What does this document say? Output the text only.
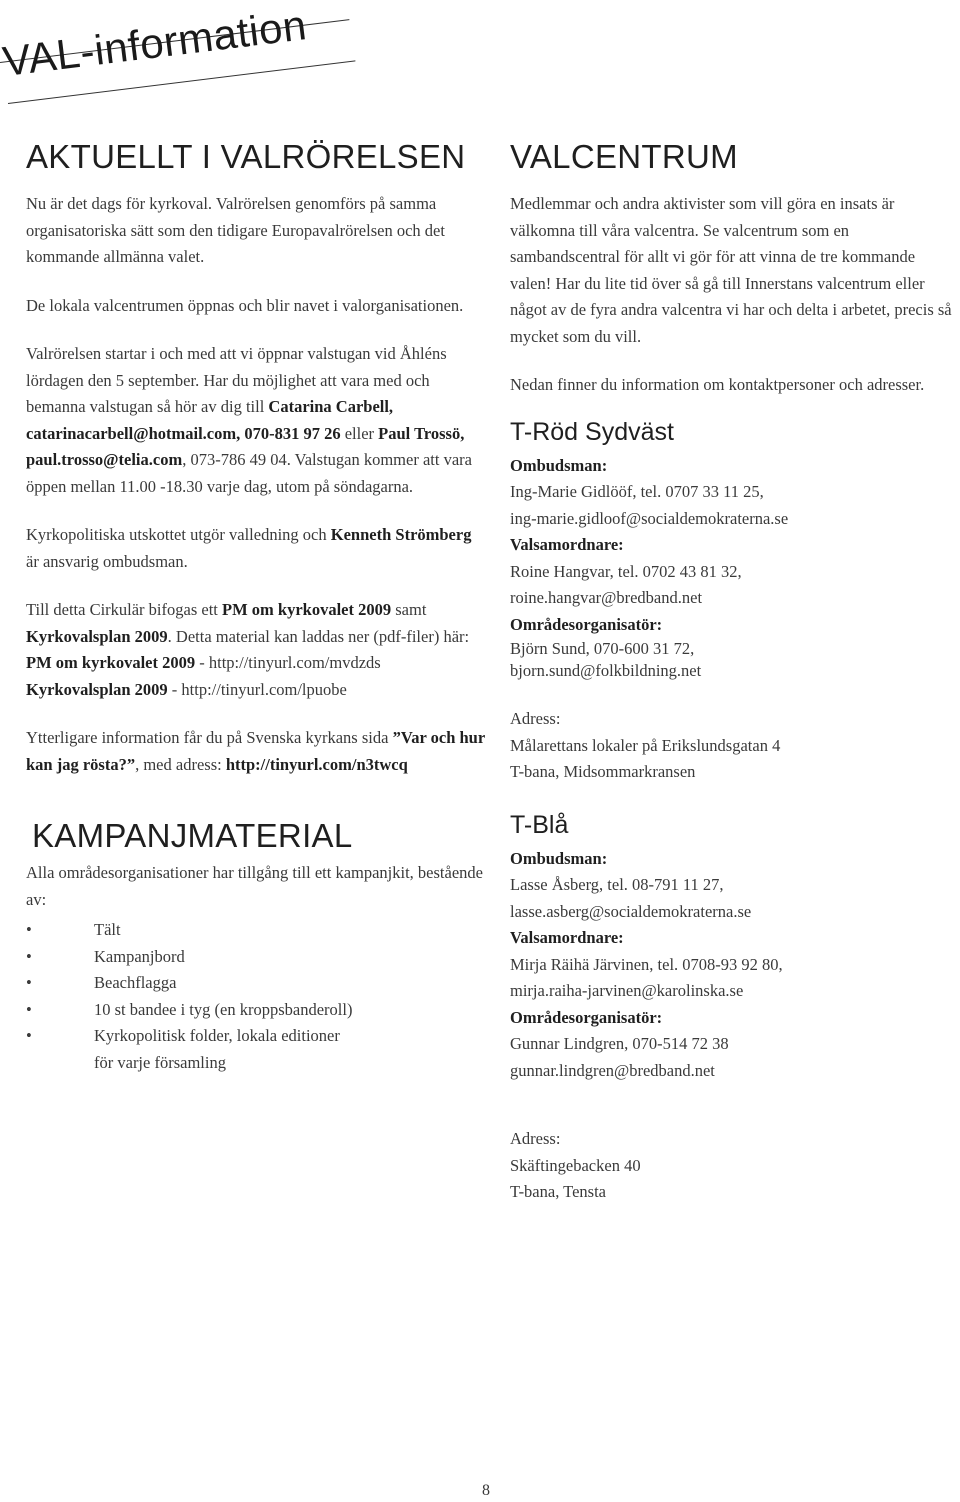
VAL-information
AKTUELLT I VALRÖRELSEN

Nu är det dags för kyrkoval. Valrörelsen genomförs på samma organisatoriska sätt som den tidigare Europavalrörelsen och det kommande allmänna valet.

De lokala valcentrumen öppnas och blir navet i valorganisationen.

Valrörelsen startar i och med att vi öppnar valstugan vid Åhléns lördagen den 5 september. Har du möjlighet att vara med och bemanna valstugan så hör av dig till Catarina Carbell, catarinacarbell@hotmail.com, 070-831 97 26 eller Paul Trossö, paul.trosso@telia.com, 073-786 49 04. Valstugan kommer att vara öppen mellan 11.00 -18.30 varje dag, utom på söndagarna.

Kyrkopolitiska utskottet utgör valledning och Kenneth Strömberg är ansvarig ombudsman.

Till detta Cirkulär bifogas ett PM om kyrkovalet 2009 samt Kyrkovalsplan 2009. Detta material kan laddas ner (pdf-filer) här:
PM om kyrkovalet 2009 - http://tinyurl.com/mvdzds
Kyrkovalsplan 2009 - http://tinyurl.com/lpuobe

Ytterligare information får du på Svenska kyrkans sida ”Var och hur kan jag rösta?”, med adress: http://tinyurl.com/n3twcq

KAMPANJMATERIAL

Alla områdesorganisationer har tillgång till ett kampanjkit, bestående av:

• Tält
• Kampanjbord
• Beachflagga
• 10 st bandee i tyg (en kroppsbanderoll)
• Kyrkopolitisk folder, lokala editioner
för varje församling
VALCENTRUM

Medlemmar och andra aktivister som vill göra en insats är välkomna till våra valcentra. Se valcentrum som en sambandscentral för allt vi gör för att vinna de tre kommande valen! Har du lite tid över så gå till Innerstans valcentrum eller något av de fyra andra valcentra vi har och delta i arbetet, precis så mycket som du vill.

Nedan finner du information om kontaktpersoner och adresser.

T-Röd Sydväst

Ombudsman:
Ing-Marie Gidlööf, tel. 0707 33 11 25,
ing-marie.gidloof@socialdemokraterna.se
Valsamordnare:
Roine Hangvar, tel. 0702 43 81 32,
roine.hangvar@bredband.net
Områdesorganisatör:
Björn Sund, 070-600 31 72,
bjorn.sund@folkbildning.net

Adress:
Målarettans lokaler på Erikslundsgatan 4
T-bana, Midsommarkransen

T-Blå

Ombudsman:
Lasse Åsberg, tel. 08-791 11 27,
lasse.asberg@socialdemokraterna.se
Valsamordnare:
Mirja Räihä Järvinen, tel. 0708-93 92 80,
mirja.raiha-jarvinen@karolinska.se
Områdesorganisatör:
Gunnar Lindgren, 070-514 72 38
gunnar.lindgren@bredband.net

Adress:
Skäftingebacken 40
T-bana, Tensta

8
